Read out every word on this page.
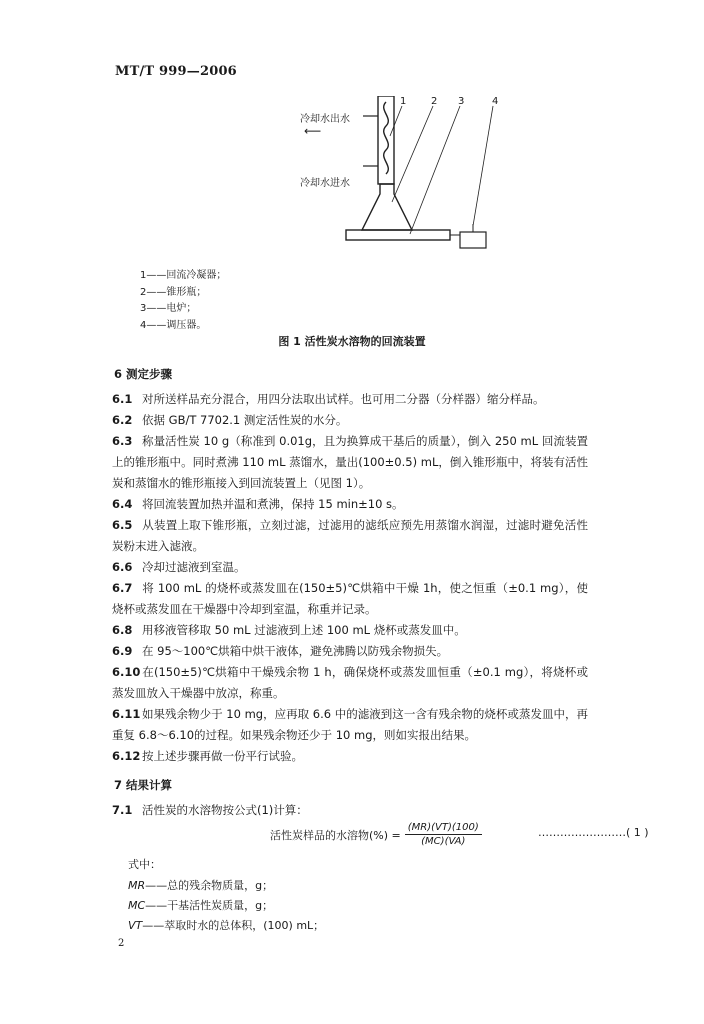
MT/T 999—2006
1 2 3	4
冷却水出水
⟵
冷却水进水
1——回流冷凝器；
2——锥形瓶；
3——电炉；
4——调压器。
图 1 活性炭水溶物的回流装置
6 测定步骤
6.1 对所送样品充分混合，用四分法取出试样。也可用二分器（分样器）缩分样品。
6.2 依据 GB/T 7702.1 测定活性炭的水分。
6.3 称量活性炭 10 g（称准到 0.01g，且为换算成干基后的质量），倒入 250 mL 回流装置上的锥形瓶中。同时煮沸 110 mL 蒸馏水，量出(100±0.5) mL，倒入锥形瓶中，将装有活性炭和蒸馏水的锥形瓶接入到回流装置上（见图 1）。
6.4 将回流装置加热并温和煮沸，保持 15 min±10 s。
6.5 从装置上取下锥形瓶，立刻过滤，过滤用的滤纸应预先用蒸馏水润湿，过滤时避免活性炭粉末进入滤液。
6.6 冷却过滤液到室温。
6.7 将 100 mL 的烧杯或蒸发皿在(150±5)℃烘箱中干燥 1h，使之恒重（±0.1 mg），使烧杯或蒸发皿在干燥器中冷却到室温，称重并记录。
6.8 用移液管移取 50 mL 过滤液到上述 100 mL 烧杯或蒸发皿中。
6.9 在 95～100℃烘箱中烘干液体，避免沸腾以防残余物损失。
6.10 在(150±5)℃烘箱中干燥残余物 1 h，确保烧杯或蒸发皿恒重（±0.1 mg），将烧杯或蒸发皿放入干燥器中放凉，称重。
6.11 如果残余物少于 10 mg，应再取 6.6 中的滤液到这一含有残余物的烧杯或蒸发皿中，再重复 6.8～6.10的过程。如果残余物还少于 10 mg，则如实报出结果。
6.12 按上述步骤再做一份平行试验。
7 结果计算
7.1 活性炭的水溶物按公式(1)计算：
活性炭样品的水溶物(%) = $\frac{(MR)(VT)(100)}{(MC)(VA)}$	……………………( 1 )
式中：
MR——总的残余物质量，g；
MC——干基活性炭质量，g；
VT——萃取时水的总体积，(100) mL；
2
